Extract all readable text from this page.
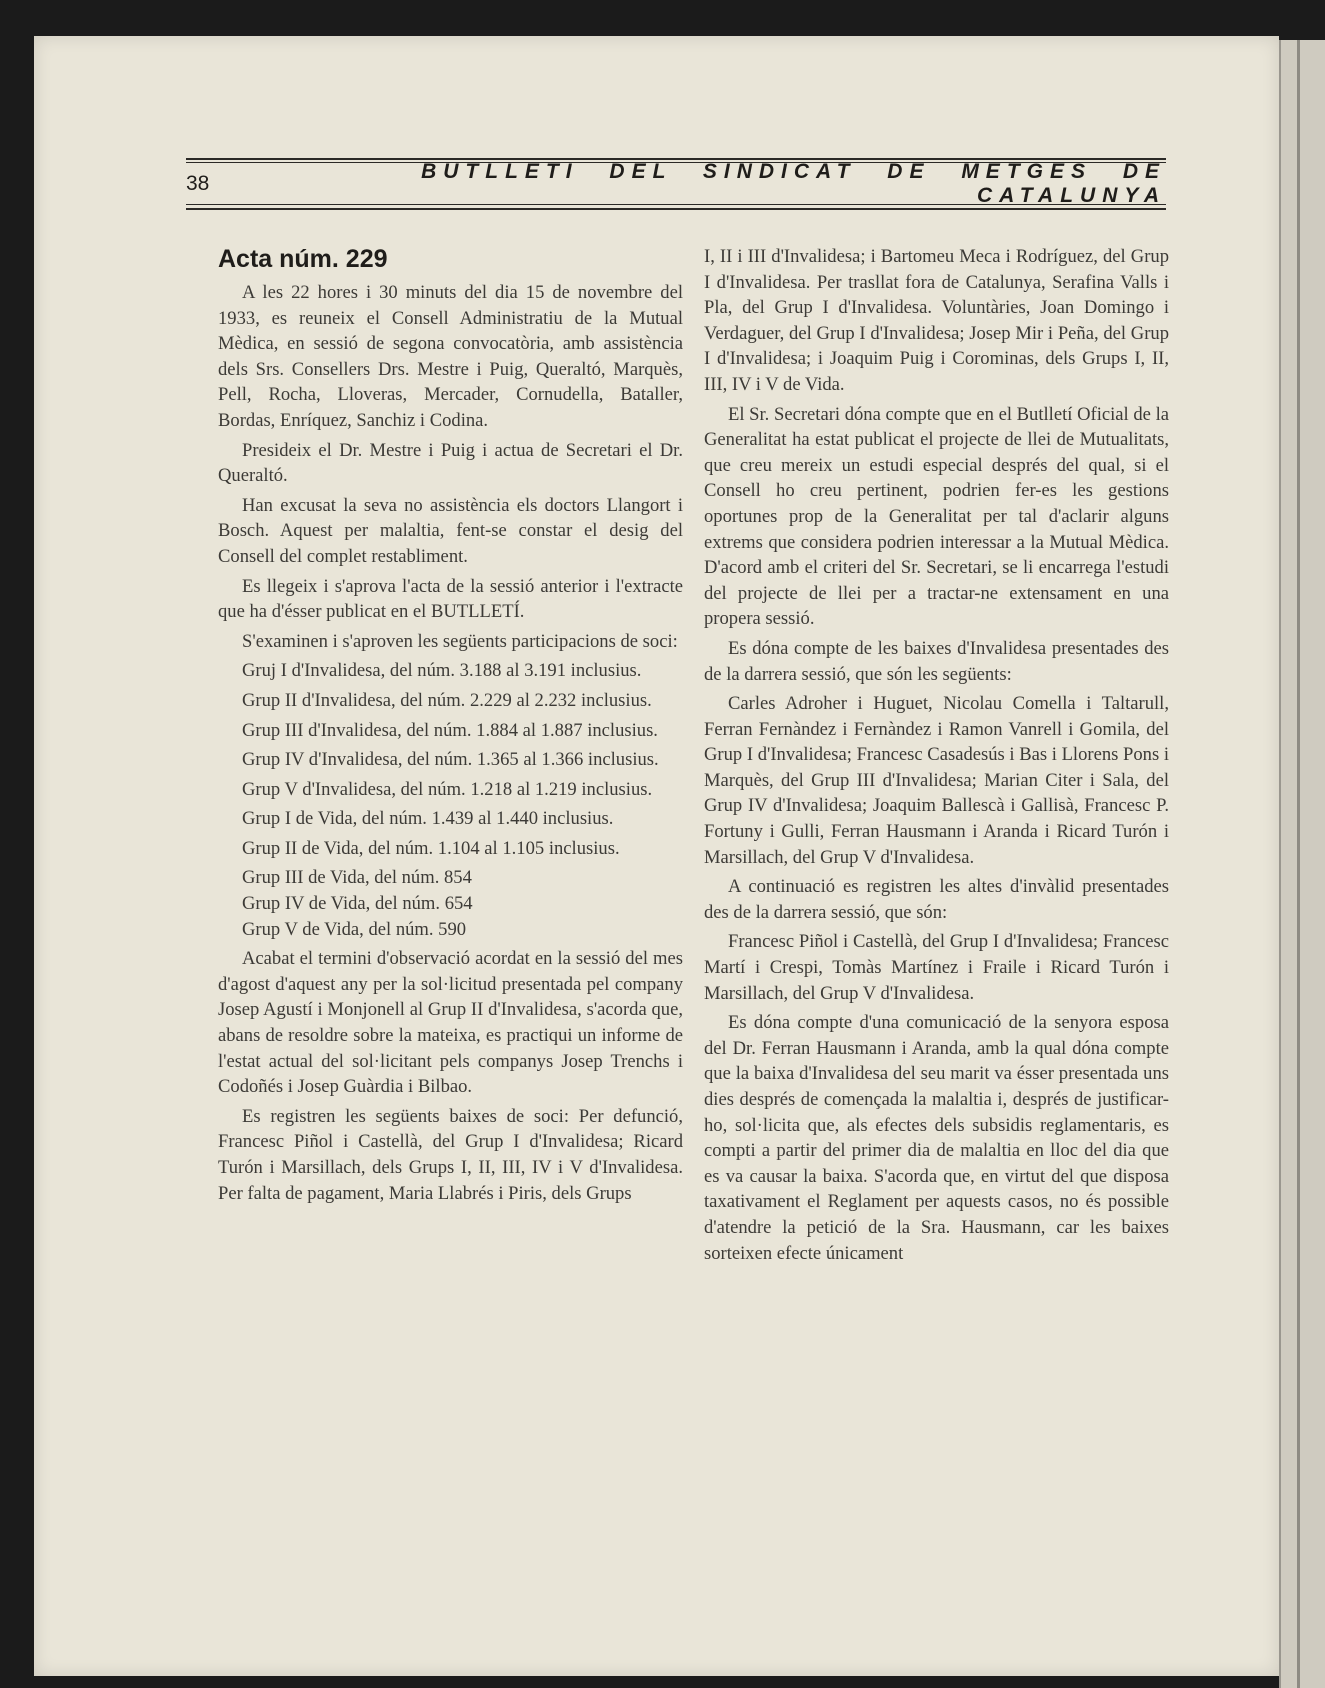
38
BUTLLETI DEL SINDICAT DE METGES DE CATALUNYA
Acta núm. 229

A les 22 hores i 30 minuts del dia 15 de novembre del 1933, es reuneix el Consell Administratiu de la Mutual Mèdica, en sessió de segona convocatòria, amb assistència dels Srs. Consellers Drs. Mestre i Puig, Queraltó, Marquès, Pell, Rocha, Lloveras, Mercader, Cornudella, Bataller, Bordas, Enríquez, Sanchiz i Codina.

Presideix el Dr. Mestre i Puig i actua de Secretari el Dr. Queraltó.

Han excusat la seva no assistència els doctors Llangort i Bosch. Aquest per malaltia, fent-se constar el desig del Consell del complet restabliment.

Es llegeix i s'aprova l'acta de la sessió anterior i l'extracte que ha d'ésser publicat en el BUTLLETÍ.

S'examinen i s'aproven les següents participacions de soci:

Gruj I d'Invalidesa, del núm. 3.188 al 3.191 inclusius.

Grup II d'Invalidesa, del núm. 2.229 al 2.232 inclusius.

Grup III d'Invalidesa, del núm. 1.884 al 1.887 inclusius.

Grup IV d'Invalidesa, del núm. 1.365 al 1.366 inclusius.

Grup V d'Invalidesa, del núm. 1.218 al 1.219 inclusius.

Grup I de Vida, del núm. 1.439 al 1.440 inclusius.

Grup II de Vida, del núm. 1.104 al 1.105 inclusius.

Grup III de Vida, del núm. 854

Grup IV de Vida, del núm. 654

Grup V de Vida, del núm. 590

Acabat el termini d'observació acordat en la sessió del mes d'agost d'aquest any per la sol·licitud presentada pel company Josep Agustí i Monjonell al Grup II d'Invalidesa, s'acorda que, abans de resoldre sobre la mateixa, es practiqui un informe de l'estat actual del sol·licitant pels companys Josep Trenchs i Codoñés i Josep Guàrdia i Bilbao.

Es registren les següents baixes de soci: Per defunció, Francesc Piñol i Castellà, del Grup I d'Invalidesa; Ricard Turón i Marsillach, dels Grups I, II, III, IV i V d'Invalidesa. Per falta de pagament, Maria Llabrés i Piris, dels Grups

I, II i III d'Invalidesa; i Bartomeu Meca i Rodríguez, del Grup I d'Invalidesa. Per trasllat fora de Catalunya, Serafina Valls i Pla, del Grup I d'Invalidesa. Voluntàries, Joan Domingo i Verdaguer, del Grup I d'Invalidesa; Josep Mir i Peña, del Grup I d'Invalidesa; i Joaquim Puig i Corominas, dels Grups I, II, III, IV i V de Vida.

El Sr. Secretari dóna compte que en el Butlletí Oficial de la Generalitat ha estat publicat el projecte de llei de Mutualitats, que creu mereix un estudi especial després del qual, si el Consell ho creu pertinent, podrien fer-es les gestions oportunes prop de la Generalitat per tal d'aclarir alguns extrems que considera podrien interessar a la Mutual Mèdica. D'acord amb el criteri del Sr. Secretari, se li encarrega l'estudi del projecte de llei per a tractar-ne extensament en una propera sessió.

Es dóna compte de les baixes d'Invalidesa presentades des de la darrera sessió, que són les següents:

Carles Adroher i Huguet, Nicolau Comella i Taltarull, Ferran Fernàndez i Fernàndez i Ramon Vanrell i Gomila, del Grup I d'Invalidesa; Francesc Casadesús i Bas i Llorens Pons i Marquès, del Grup III d'Invalidesa; Marian Citer i Sala, del Grup IV d'Invalidesa; Joaquim Ballescà i Gallisà, Francesc P. Fortuny i Gulli, Ferran Hausmann i Aranda i Ricard Turón i Marsillach, del Grup V d'Invalidesa.

A continuació es registren les altes d'invàlid presentades des de la darrera sessió, que són:

Francesc Piñol i Castellà, del Grup I d'Invalidesa; Francesc Martí i Crespi, Tomàs Martínez i Fraile i Ricard Turón i Marsillach, del Grup V d'Invalidesa.

Es dóna compte d'una comunicació de la senyora esposa del Dr. Ferran Hausmann i Aranda, amb la qual dóna compte que la baixa d'Invalidesa del seu marit va ésser presentada uns dies després de començada la malaltia i, després de justificar-ho, sol·licita que, als efectes dels subsidis reglamentaris, es compti a partir del primer dia de malaltia en lloc del dia que es va causar la baixa. S'acorda que, en virtut del que disposa taxativament el Reglament per aquests casos, no és possible d'atendre la petició de la Sra. Hausmann, car les baixes sorteixen efecte únicament
